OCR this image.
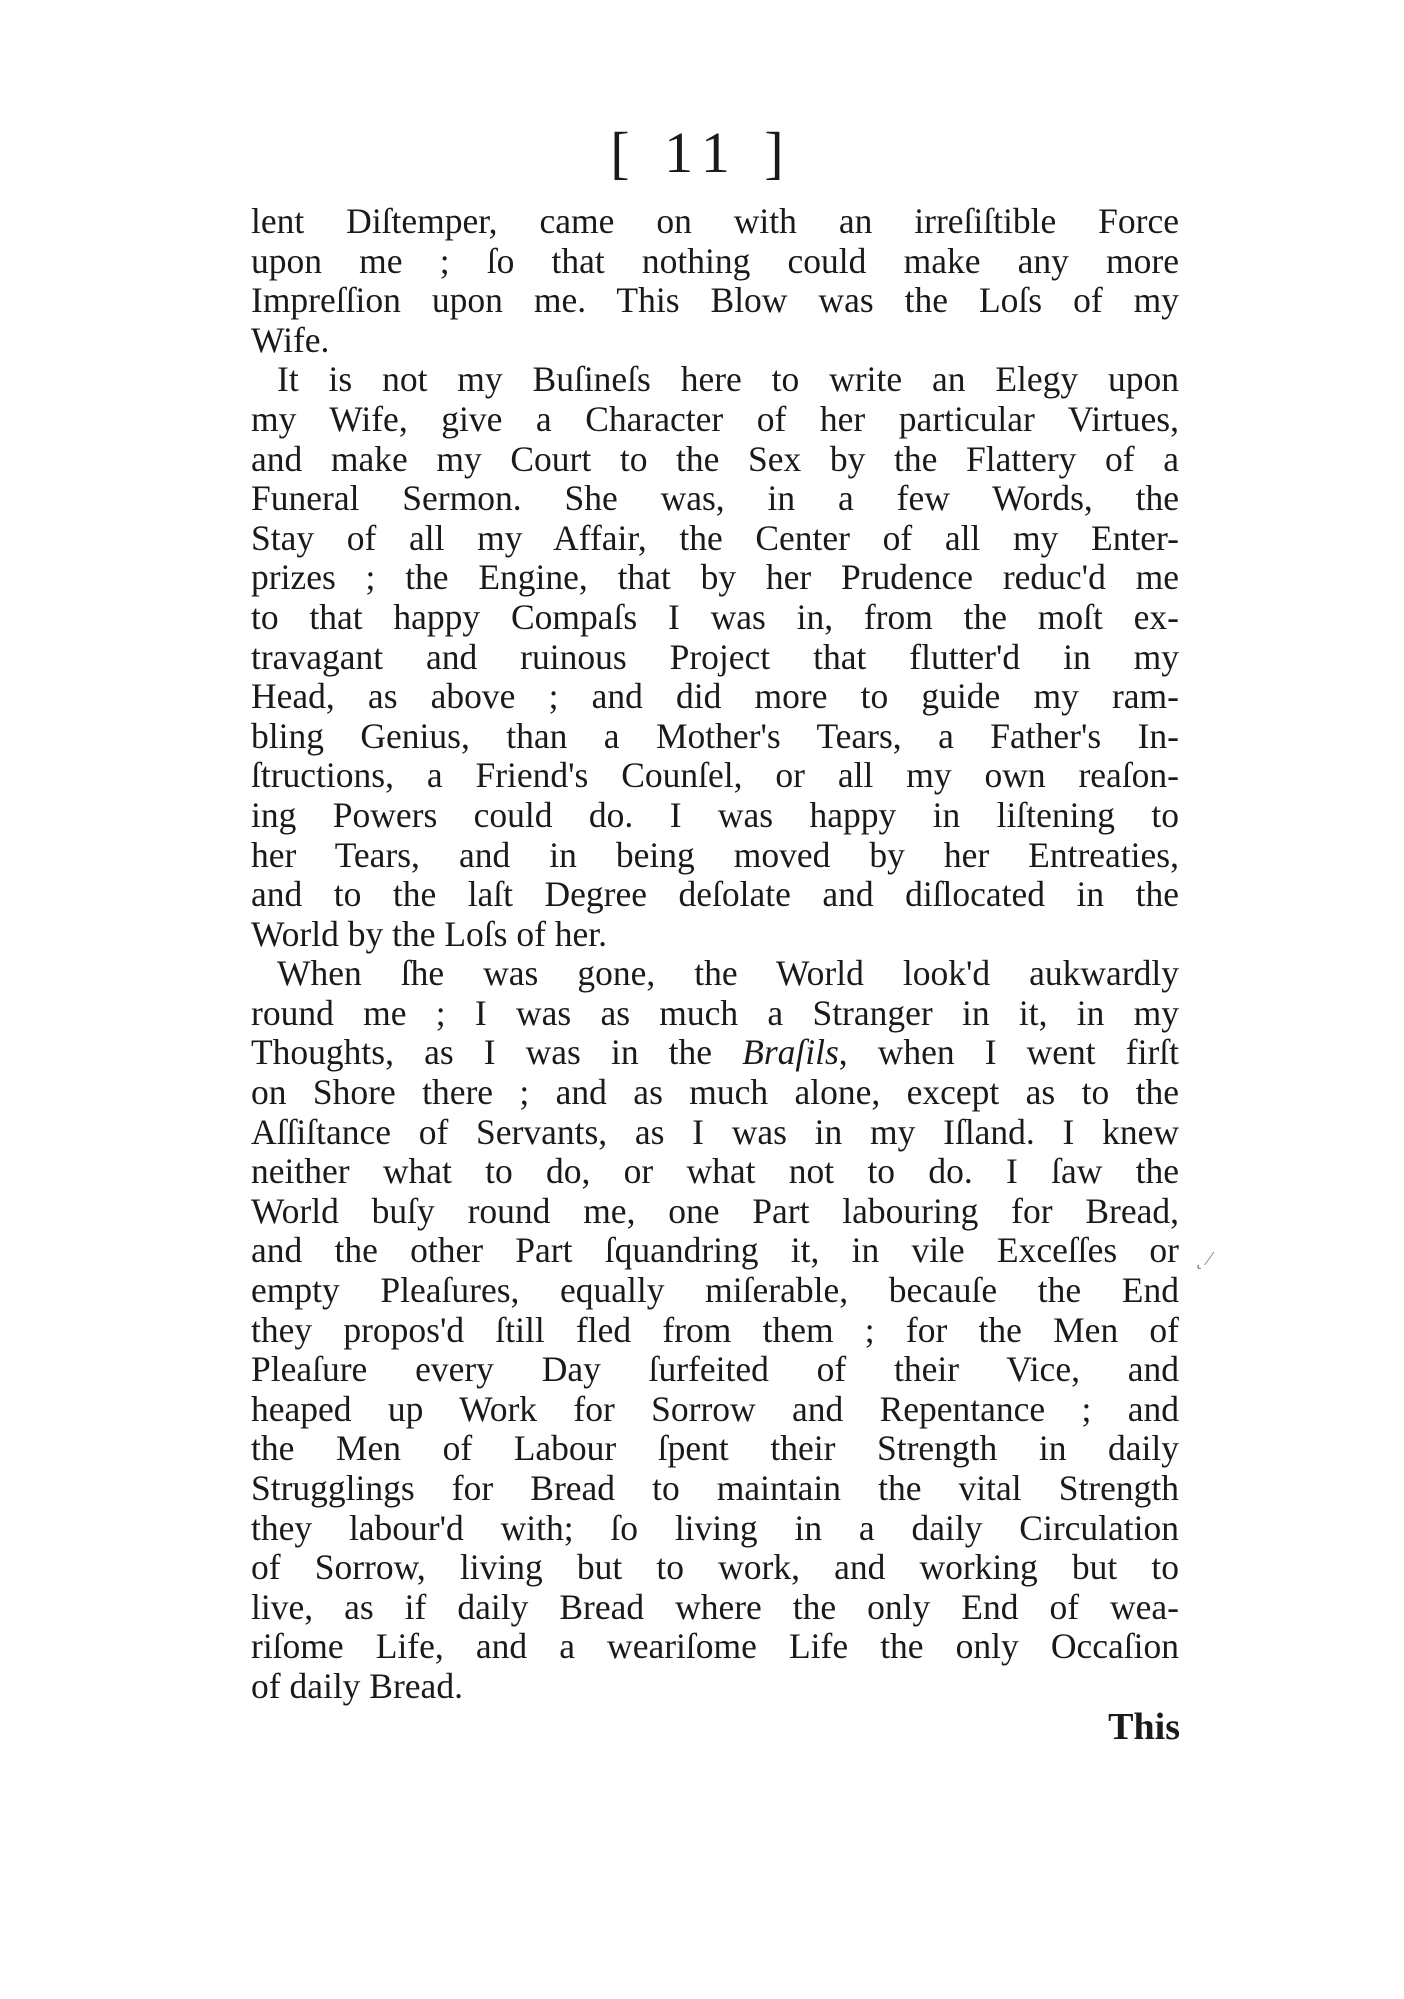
[ 11 ]
lent Diſtemper, came on with an irreſiſtible Force
upon me ; ſo that nothing could make any more
Impreſſion upon me. This Blow was the Loſs of my
Wife.
It is not my Buſineſs here to write an Elegy upon
my Wife, give a Character of her particular Virtues,
and make my Court to the Sex by the Flattery of a
Funeral Sermon. She was, in a few Words, the
Stay of all my Affair, the Center of all my Enter-
prizes ; the Engine, that by her Prudence reduc'd me
to that happy Compaſs I was in, from the moſt ex-
travagant and ruinous Project that flutter'd in my
Head, as above ; and did more to guide my ram-
bling Genius, than a Mother's Tears, a Father's In-
ſtructions, a Friend's Counſel, or all my own reaſon-
ing Powers could do. I was happy in liſtening to
her Tears, and in being moved by her Entreaties,
and to the laſt Degree deſolate and diſlocated in the
World by the Loſs of her.
When ſhe was gone, the World look'd aukwardly
round me ; I was as much a Stranger in it, in my
Thoughts, as I was in the Braſils, when I went firſt
on Shore there ; and as much alone, except as to the
Aſſiſtance of Servants, as I was in my Iſland. I knew
neither what to do, or what not to do. I ſaw the
World buſy round me, one Part labouring for Bread,
and the other Part ſquandring it, in vile Exceſſes or
empty Pleaſures, equally miſerable, becauſe the End
they propos'd ſtill fled from them ; for the Men of
Pleaſure every Day ſurfeited of their Vice, and
heaped up Work for Sorrow and Repentance ; and
the Men of Labour ſpent their Strength in daily
Strugglings for Bread to maintain the vital Strength
they labour'd with; ſo living in a daily Circulation
of Sorrow, living but to work, and working but to
live, as if daily Bread where the only End of wea-
riſome Life, and a weariſome Life the only Occaſion
of daily Bread.
˛ ⁄
This
